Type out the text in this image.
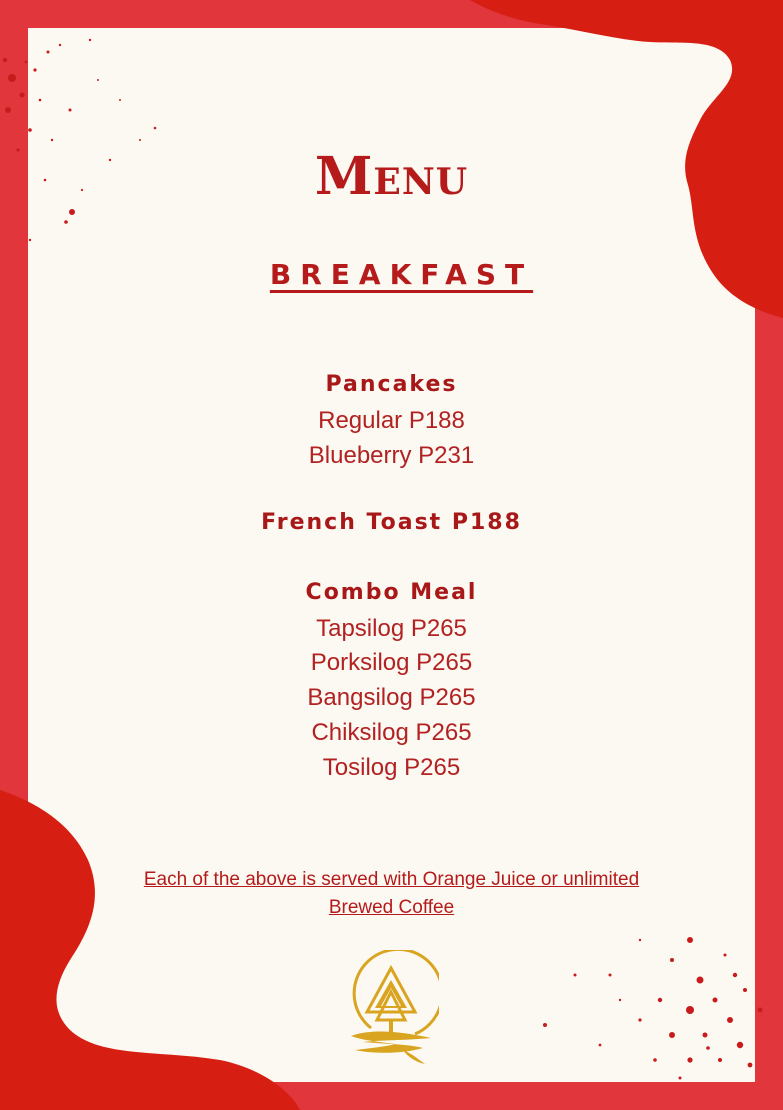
Menu
BREAKFAST
Pancakes
Regular P188
Blueberry P231
French Toast P188
Combo Meal
Tapsilog P265
Porksilog P265
Bangsilog P265
Chiksilog P265
Tosilog P265
Each of the above is served with Orange Juice or unlimited
Brewed Coffee
